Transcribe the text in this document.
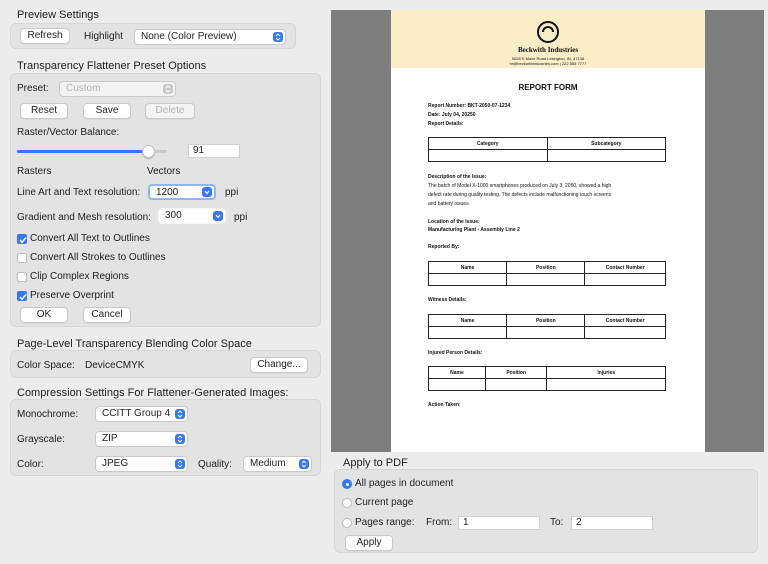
Preview Settings
Refresh	Highlight	None (Color Preview)
Transparency Flattener Preset Options
Preset:	Custom
Reset	Save	Delete
Raster/Vector Balance:
91
Rasters	Vectors
Line Art and Text resolution:	1200	ppi
Gradient and Mesh resolution:	300	ppi
Convert All Text to Outlines
Convert All Strokes to Outlines
Clip Complex Regions
Preserve Overprint
OK	Cancel
Page-Level Transparency Blending Color Space
Color Space: DeviceCMYK	Change...
Compression Settings For Flattener-Generated Images:
Monochrome:	CCITT Group 4
Grayscale:	ZIP
Color:	JPEG	Quality:	Medium
Beckwith Industries
5028 E Mace Road Lexington, IN, 47138
hr@beckwithindustries.com | 222 555 7777
REPORT FORM
Report Number: BKT-2050-07-1234
Date: July 04, 20250
Report Details:
Category	Subcategory

Description of the Issue:
The batch of Model X-1000 smartphones produced on July 3, 2050, showed a high
defect rate during quality testing. The defects include malfunctioning touch screens
and battery issues.
Location of the Issue:
Manufacturing Plant - Assembly Line 2
Reported By:
Name	Position	Contact Number

Witness Details:
Name	Position	Contact Number

Injured Person Details:
Name	Position	Injuries

Action Taken:
Apply to PDF
All pages in document
Current page
Pages range: From:	1	To:	2
Apply
